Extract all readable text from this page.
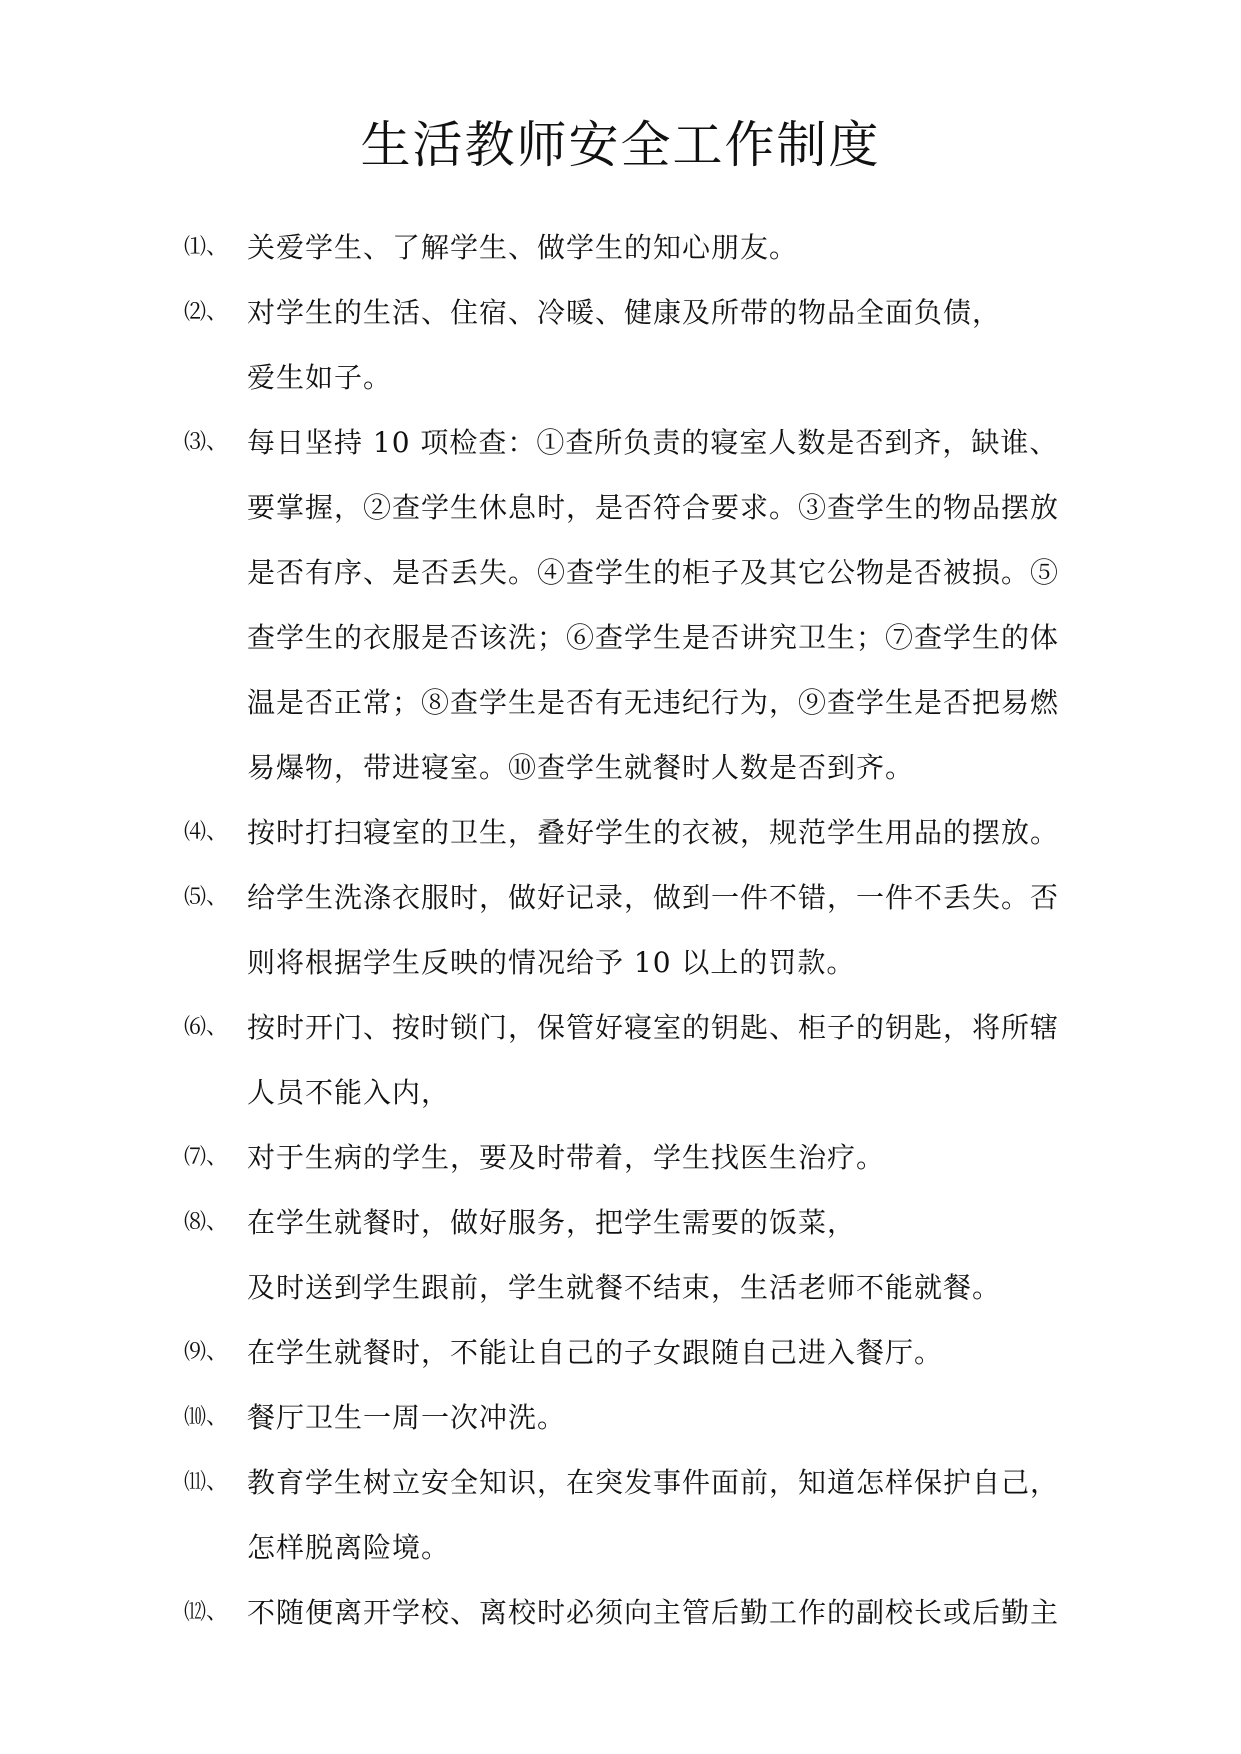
生活教师安全工作制度
⑴、 关爱学生、了解学生、做学生的知心朋友。
⑵、 对学生的生活、住宿、冷暖、健康及所带的物品全面负债，
爱生如子。
⑶、 每日坚持 10 项检查：①查所负责的寝室人数是否到齐，缺谁、
要掌握，②查学生休息时，是否符合要求。③查学生的物品摆放
是否有序、是否丢失。④查学生的柜子及其它公物是否被损。⑤
查学生的衣服是否该洗；⑥查学生是否讲究卫生；⑦查学生的体
温是否正常；⑧查学生是否有无违纪行为，⑨查学生是否把易燃
易爆物，带进寝室。⑩查学生就餐时人数是否到齐。
⑷、 按时打扫寝室的卫生，叠好学生的衣被，规范学生用品的摆放。
⑸、 给学生洗涤衣服时，做好记录，做到一件不错，一件不丢失。否
则将根据学生反映的情况给予 10 以上的罚款。
⑹、 按时开门、按时锁门，保管好寝室的钥匙、柜子的钥匙，将所辖
人员不能入内，
⑺、 对于生病的学生，要及时带着，学生找医生治疗。
⑻、 在学生就餐时，做好服务，把学生需要的饭菜，
及时送到学生跟前，学生就餐不结束，生活老师不能就餐。
⑼、 在学生就餐时，不能让自己的子女跟随自己进入餐厅。
⑽、 餐厅卫生一周一次冲洗。
⑾、 教育学生树立安全知识，在突发事件面前，知道怎样保护自己，
怎样脱离险境。
⑿、 不随便离开学校、离校时必须向主管后勤工作的副校长或后勤主
